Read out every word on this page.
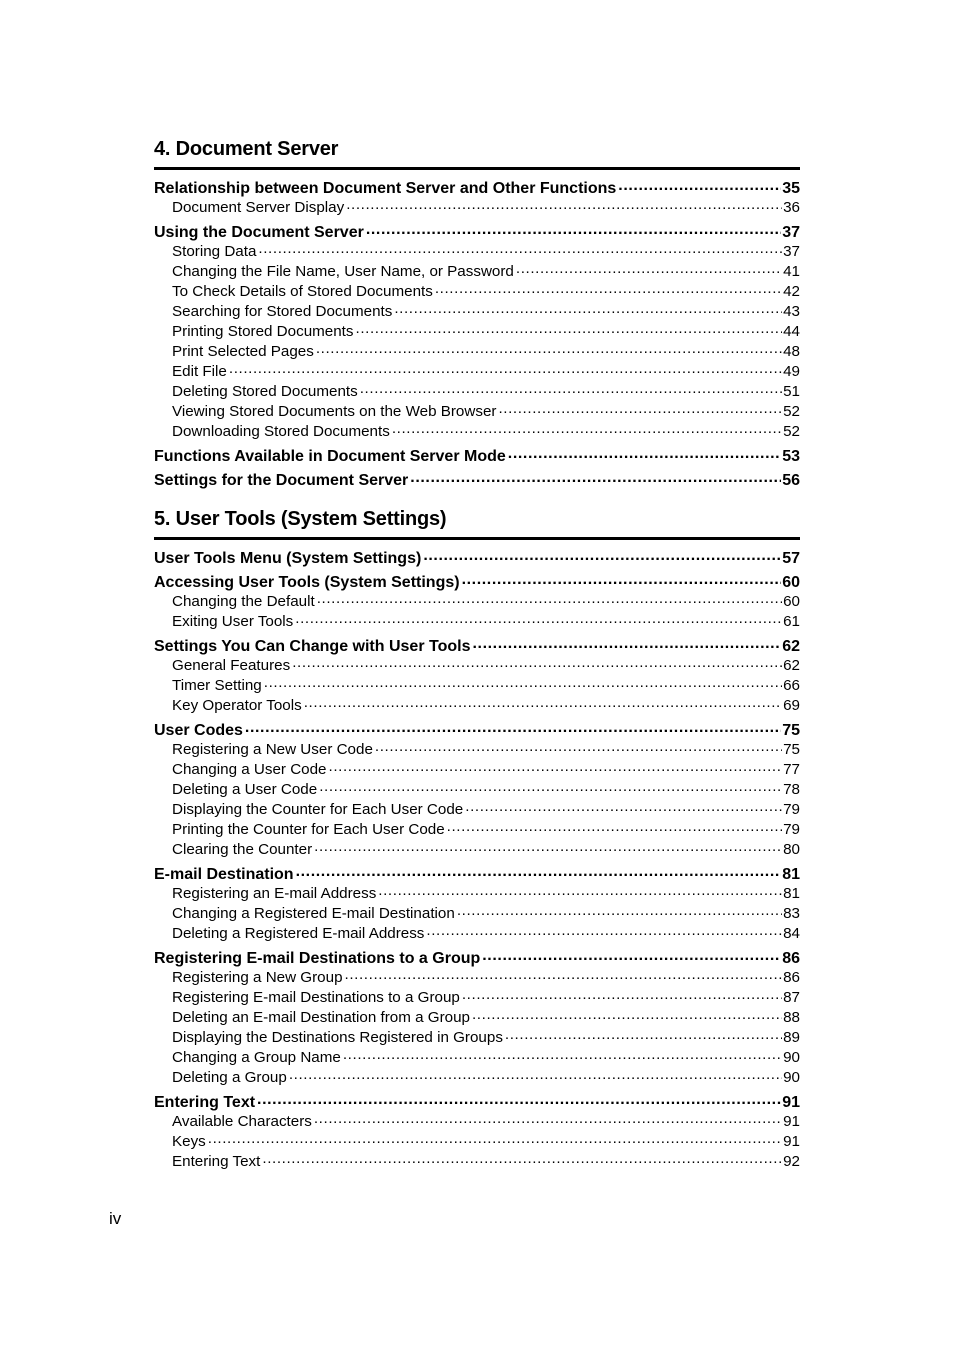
4. Document Server
Relationship between Document Server and Other Functions .....	35
Document Server Display .....	36
Using the Document Server .....	37
Storing Data .....	37
Changing the File Name, User Name, or Password .....	41
To Check Details of Stored Documents .....	42
Searching for Stored Documents .....	43
Printing Stored Documents .....	44
Print Selected Pages .....	48
Edit File .....	49
Deleting Stored Documents .....	51
Viewing Stored Documents on the Web Browser .....	52
Downloading Stored Documents .....	52
Functions Available in Document Server Mode .....	53
Settings for the Document Server .....	56
5. User Tools (System Settings)
User Tools Menu (System Settings) .....	57
Accessing User Tools (System Settings) .....	60
Changing the Default .....	60
Exiting User Tools .....	61
Settings You Can Change with User Tools .....	62
General Features .....	62
Timer Setting .....	66
Key Operator Tools .....	69
User Codes .....	75
Registering a New User Code .....	75
Changing a User Code .....	77
Deleting a User Code .....	78
Displaying the Counter for Each User Code .....	79
Printing the Counter for Each User Code .....	79
Clearing the Counter .....	80
E-mail Destination .....	81
Registering an E-mail Address .....	81
Changing a Registered E-mail Destination .....	83
Deleting a Registered E-mail Address .....	84
Registering E-mail Destinations to a Group .....	86
Registering a New Group .....	86
Registering E-mail Destinations to a Group .....	87
Deleting an E-mail Destination from a Group .....	88
Displaying the Destinations Registered in Groups .....	89
Changing a Group Name .....	90
Deleting a Group .....	90
Entering Text .....	91
Available Characters .....	91
Keys .....	91
Entering Text .....	92
iv
